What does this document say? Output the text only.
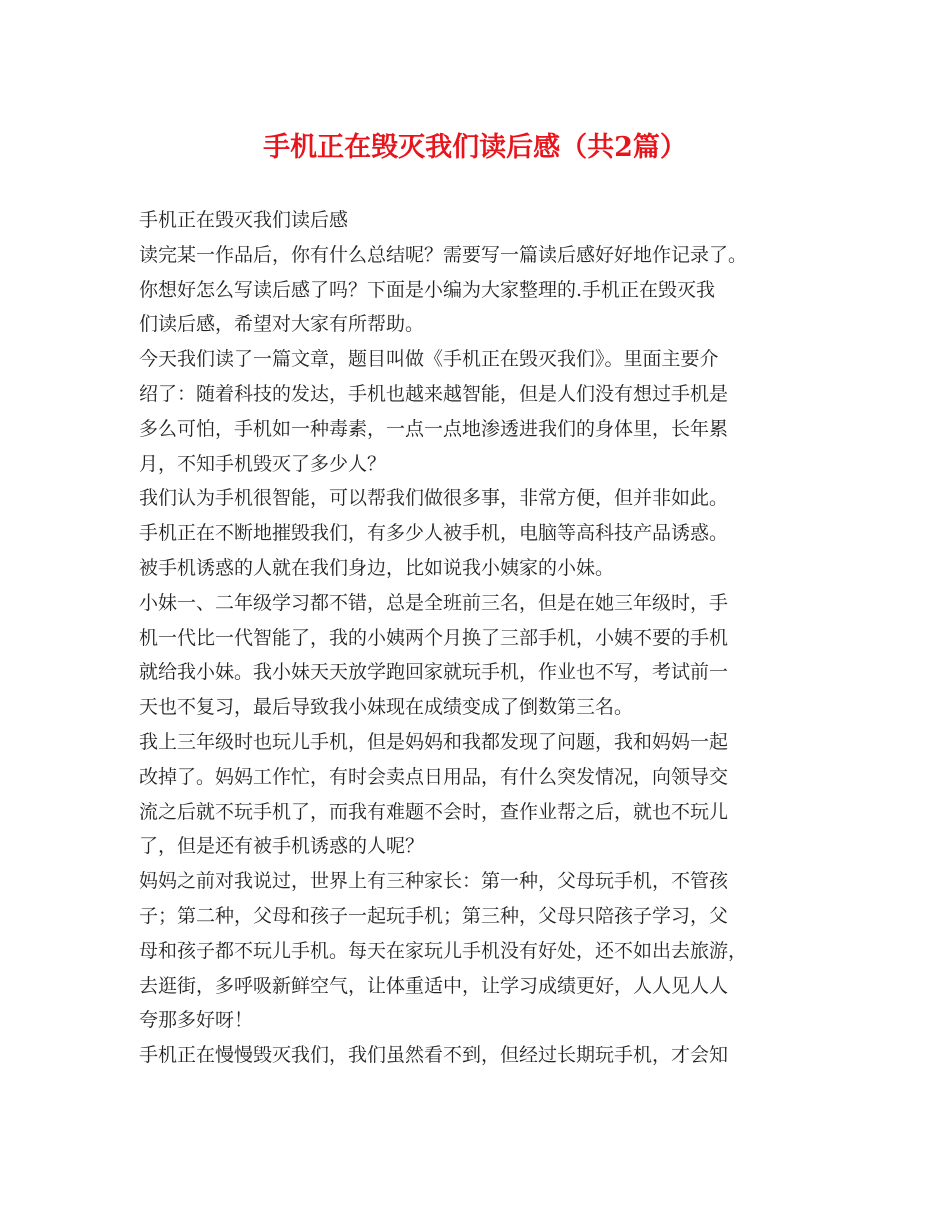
手机正在毁灭我们读后感（共2篇）
手机正在毁灭我们读后感
读完某一作品后，你有什么总结呢？需要写一篇读后感好好地作记录了。
你想好怎么写读后感了吗？下面是小编为大家整理的.手机正在毁灭我
们读后感，希望对大家有所帮助。
今天我们读了一篇文章，题目叫做《手机正在毁灭我们》。里面主要介
绍了：随着科技的发达，手机也越来越智能，但是人们没有想过手机是
多么可怕，手机如一种毒素，一点一点地渗透进我们的身体里，长年累
月，不知手机毁灭了多少人？
我们认为手机很智能，可以帮我们做很多事，非常方便，但并非如此。
手机正在不断地摧毁我们，有多少人被手机，电脑等高科技产品诱惑。
被手机诱惑的人就在我们身边，比如说我小姨家的小妹。
小妹一、二年级学习都不错，总是全班前三名，但是在她三年级时，手
机一代比一代智能了，我的小姨两个月换了三部手机，小姨不要的手机
就给我小妹。我小妹天天放学跑回家就玩手机，作业也不写，考试前一
天也不复习，最后导致我小妹现在成绩变成了倒数第三名。
我上三年级时也玩儿手机，但是妈妈和我都发现了问题，我和妈妈一起
改掉了。妈妈工作忙，有时会卖点日用品，有什么突发情况，向领导交
流之后就不玩手机了，而我有难题不会时，查作业帮之后，就也不玩儿
了，但是还有被手机诱惑的人呢？
妈妈之前对我说过，世界上有三种家长：第一种，父母玩手机，不管孩
子；第二种，父母和孩子一起玩手机；第三种，父母只陪孩子学习，父
母和孩子都不玩儿手机。每天在家玩儿手机没有好处，还不如出去旅游，
去逛街，多呼吸新鲜空气，让体重适中，让学习成绩更好，人人见人人
夸那多好呀！
手机正在慢慢毁灭我们，我们虽然看不到，但经过长期玩手机，才会知
